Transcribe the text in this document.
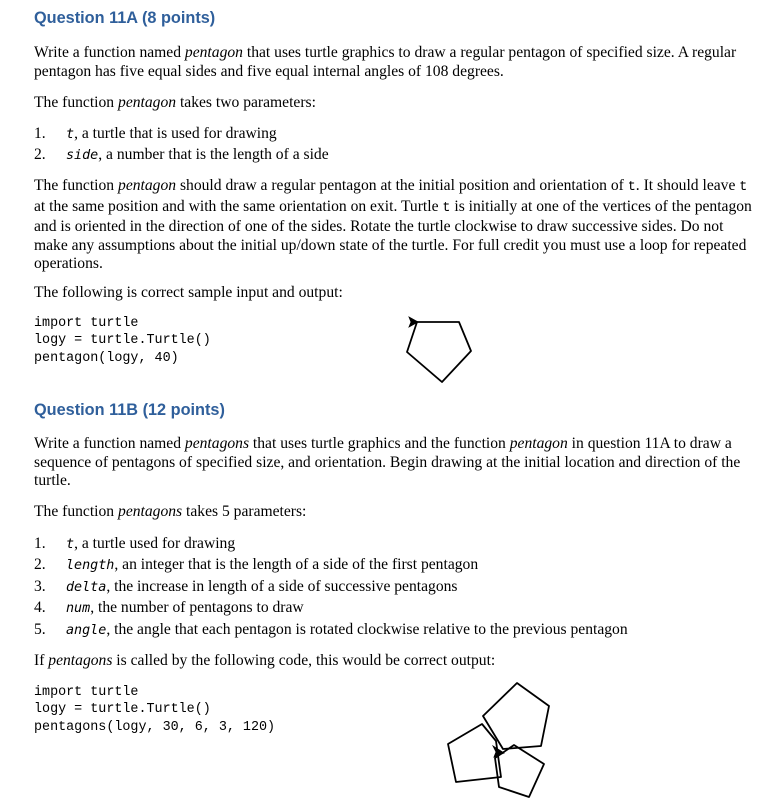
Question 11A (8 points)

Write a function named pentagon that uses turtle graphics to draw a regular pentagon of specified size. A regular pentagon has five equal sides and five equal internal angles of 108 degrees.

The function pentagon takes two parameters:

1. t, a turtle that is used for drawing
2. side, a number that is the length of a side

The function pentagon should draw a regular pentagon at the initial position and orientation of t. It should leave t at the same position and with the same orientation on exit. Turtle t is initially at one of the vertices of the pentagon and is oriented in the direction of one of the sides. Rotate the turtle clockwise to draw successive sides. Do not make any assumptions about the initial up/down state of the turtle. For full credit you must use a loop for repeated operations.

The following is correct sample input and output:

import turtle
logy = turtle.Turtle()
pentagon(logy, 40)
Question 11B (12 points)

Write a function named pentagons that uses turtle graphics and the function pentagon in question 11A to draw a sequence of pentagons of specified size, and orientation. Begin drawing at the initial location and direction of the turtle.

The function pentagons takes 5 parameters:

1. t, a turtle used for drawing
2. length, an integer that is the length of a side of the first pentagon
3. delta, the increase in length of a side of successive pentagons
4. num, the number of pentagons to draw
5. angle, the angle that each pentagon is rotated clockwise relative to the previous pentagon

If pentagons is called by the following code, this would be correct output:

import turtle
logy = turtle.Turtle()
pentagons(logy, 30, 6, 3, 120)
